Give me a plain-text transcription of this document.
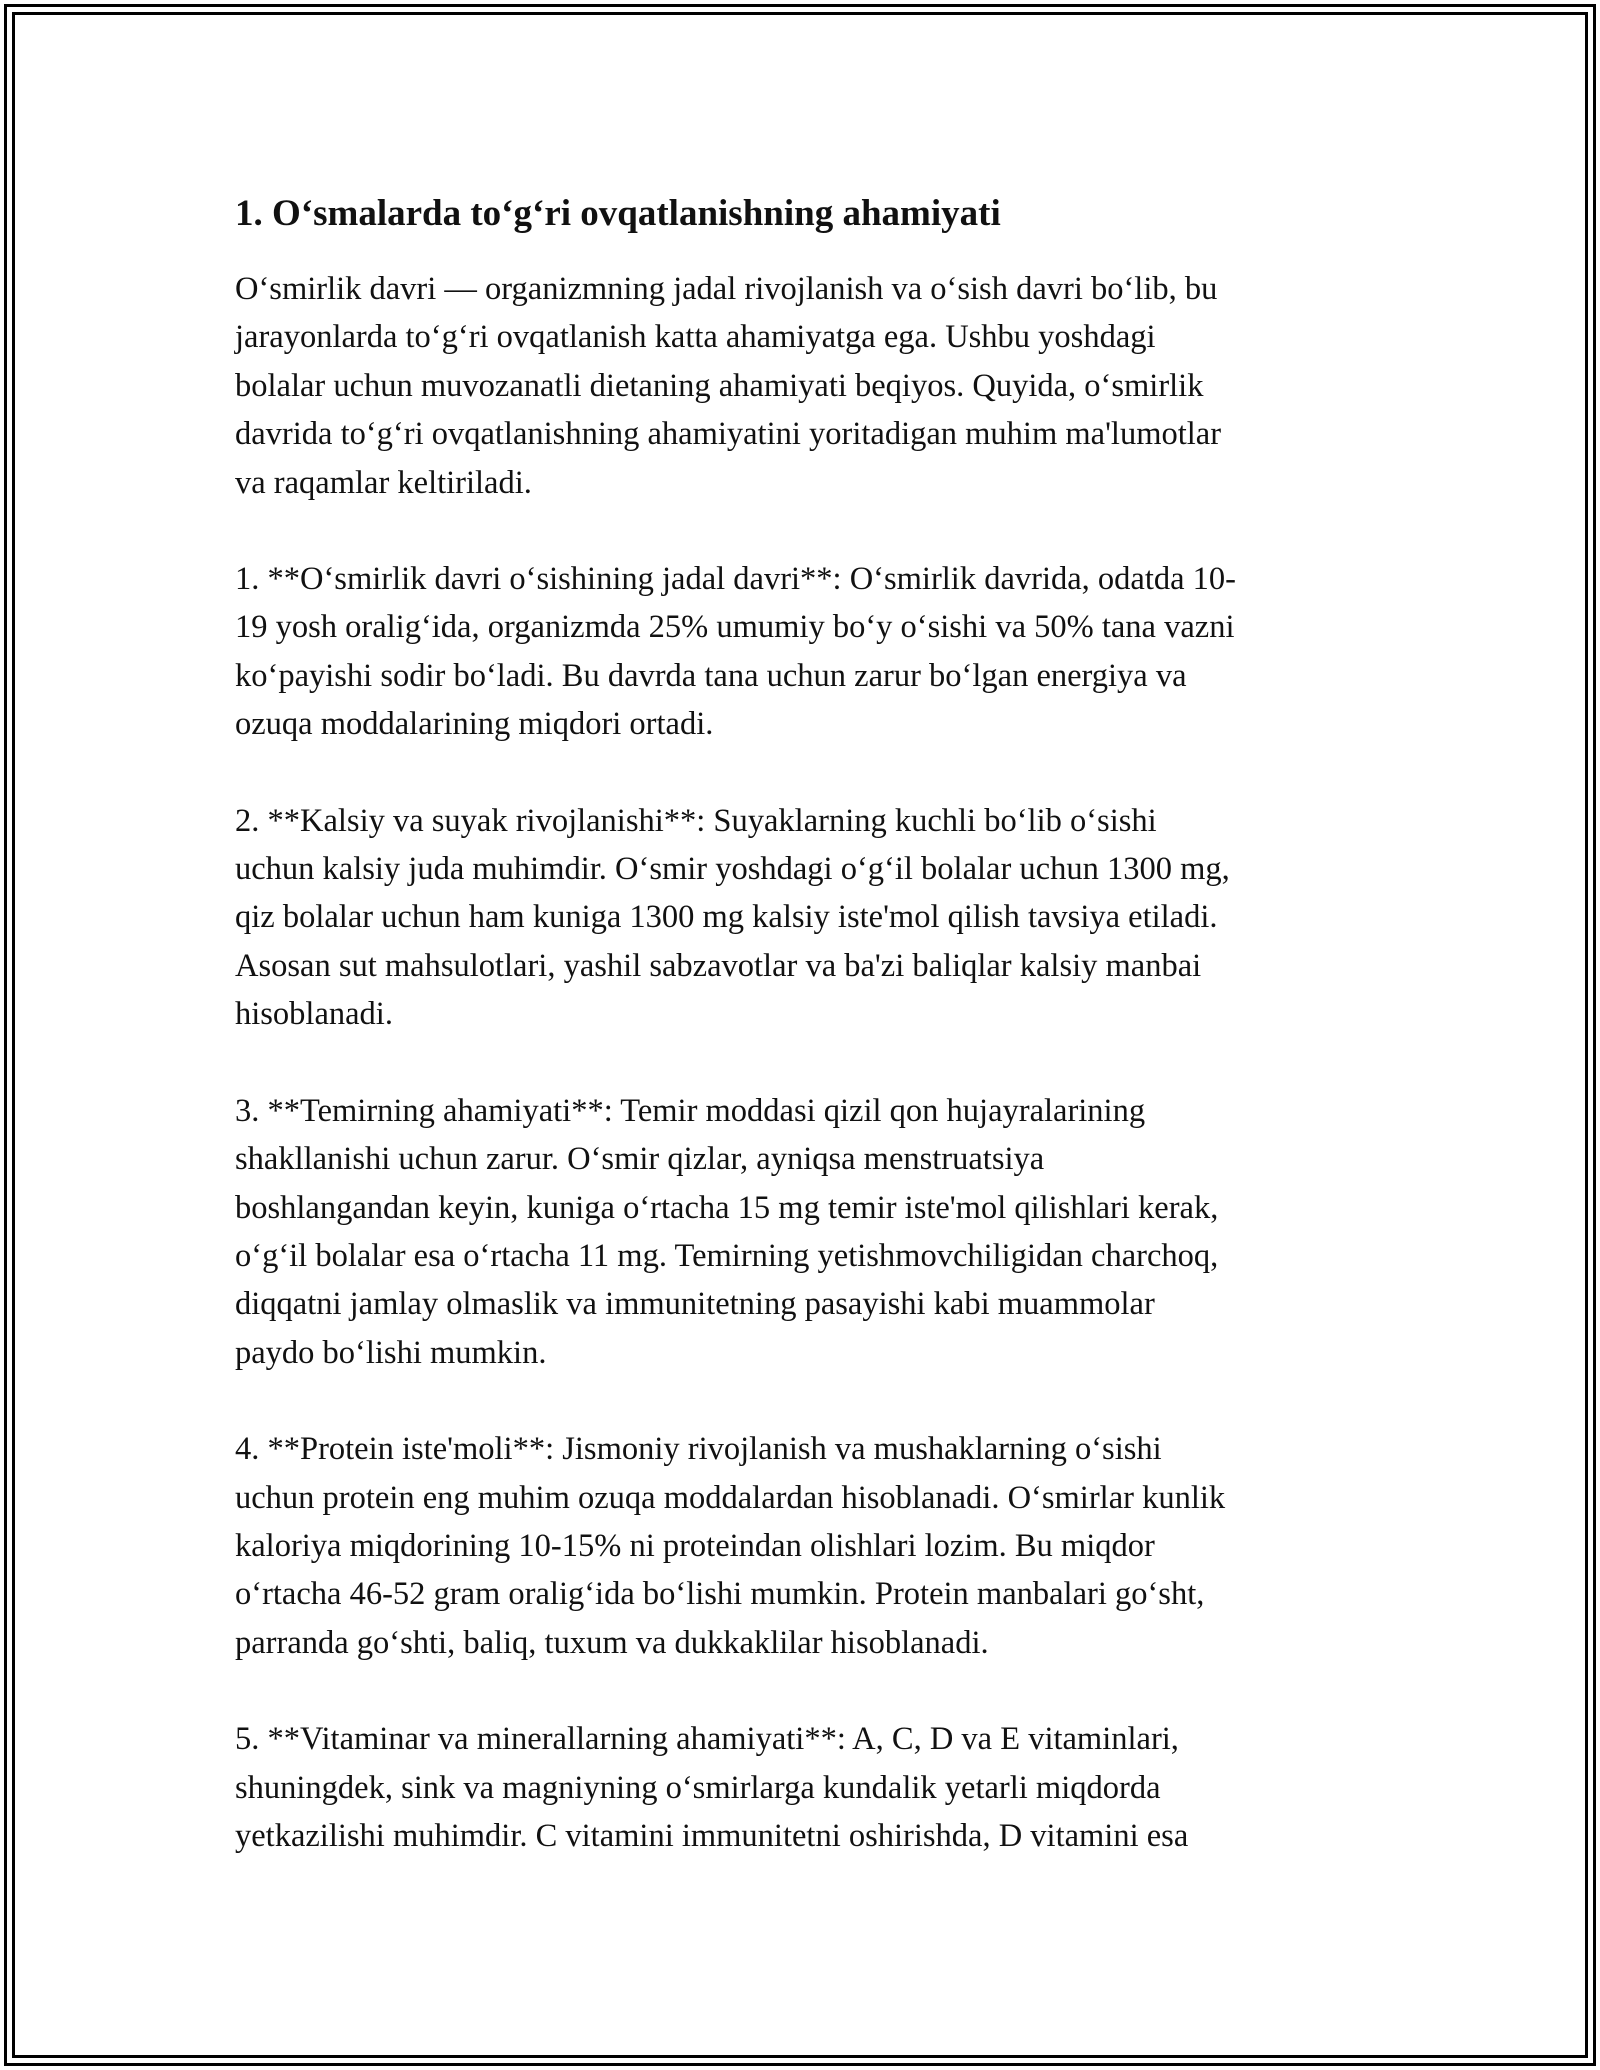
1. O‘smalarda to‘g‘ri ovqatlanishning ahamiyati

O‘smirlik davri — organizmning jadal rivojlanish va o‘sish davri bo‘lib, bu
jarayonlarda to‘g‘ri ovqatlanish katta ahamiyatga ega. Ushbu yoshdagi
bolalar uchun muvozanatli dietaning ahamiyati beqiyos. Quyida, o‘smirlik
davrida to‘g‘ri ovqatlanishning ahamiyatini yoritadigan muhim ma'lumotlar
va raqamlar keltiriladi.

1. **O‘smirlik davri o‘sishining jadal davri**: O‘smirlik davrida, odatda 10-
19 yosh oralig‘ida, organizmda 25% umumiy bo‘y o‘sishi va 50% tana vazni
ko‘payishi sodir bo‘ladi. Bu davrda tana uchun zarur bo‘lgan energiya va
ozuqa moddalarining miqdori ortadi.

2. **Kalsiy va suyak rivojlanishi**: Suyaklarning kuchli bo‘lib o‘sishi
uchun kalsiy juda muhimdir. O‘smir yoshdagi o‘g‘il bolalar uchun 1300 mg,
qiz bolalar uchun ham kuniga 1300 mg kalsiy iste'mol qilish tavsiya etiladi.
Asosan sut mahsulotlari, yashil sabzavotlar va ba'zi baliqlar kalsiy manbai
hisoblanadi.

3. **Temirning ahamiyati**: Temir moddasi qizil qon hujayralarining
shakllanishi uchun zarur. O‘smir qizlar, ayniqsa menstruatsiya
boshlangandan keyin, kuniga o‘rtacha 15 mg temir iste'mol qilishlari kerak,
o‘g‘il bolalar esa o‘rtacha 11 mg. Temirning yetishmovchiligidan charchoq,
diqqatni jamlay olmaslik va immunitetning pasayishi kabi muammolar
paydo bo‘lishi mumkin.

4. **Protein iste'moli**: Jismoniy rivojlanish va mushaklarning o‘sishi
uchun protein eng muhim ozuqa moddalardan hisoblanadi. O‘smirlar kunlik
kaloriya miqdorining 10-15% ni proteindan olishlari lozim. Bu miqdor
o‘rtacha 46-52 gram oralig‘ida bo‘lishi mumkin. Protein manbalari go‘sht,
parranda go‘shti, baliq, tuxum va dukkaklilar hisoblanadi.

5. **Vitaminar va minerallarning ahamiyati**: A, C, D va E vitaminlari,
shuningdek, sink va magniyning o‘smirlarga kundalik yetarli miqdorda
yetkazilishi muhimdir. C vitamini immunitetni oshirishda, D vitamini esa
